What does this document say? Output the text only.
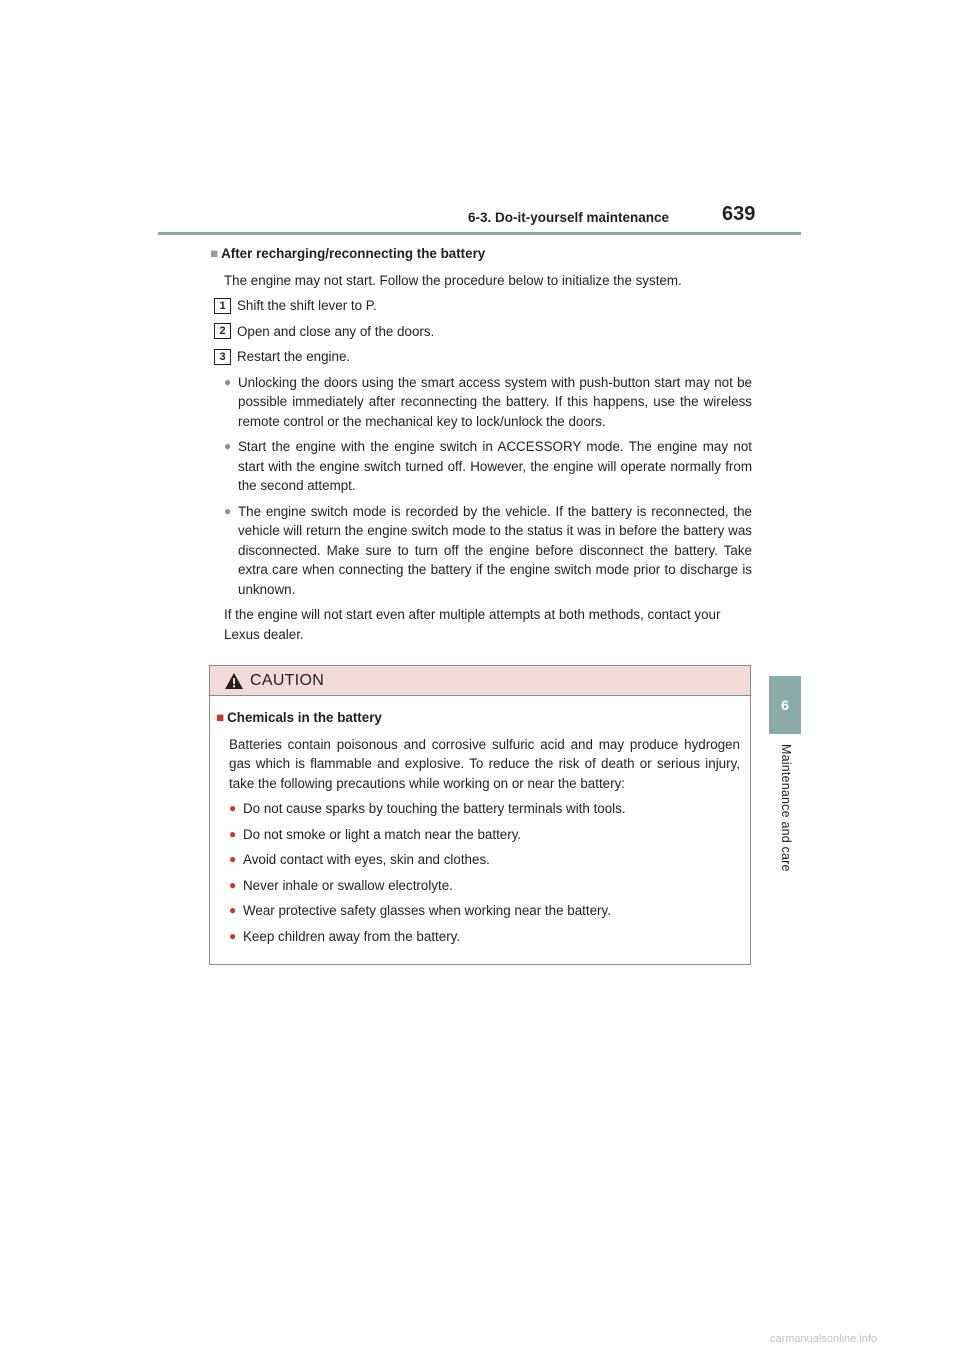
6-3. Do-it-yourself maintenance	639
6
Maintenance and care
■ After recharging/reconnecting the battery
The engine may not start. Follow the procedure below to initialize the system.
1 Shift the shift lever to P.
2 Open and close any of the doors.
3 Restart the engine.
● Unlocking the doors using the smart access system with push-button start may not be possible immediately after reconnecting the battery. If this happens, use the wireless remote control or the mechanical key to lock/unlock the doors.
● Start the engine with the engine switch in ACCESSORY mode. The engine may not start with the engine switch turned off. However, the engine will operate normally from the second attempt.
● The engine switch mode is recorded by the vehicle. If the battery is reconnected, the vehicle will return the engine switch mode to the status it was in before the battery was disconnected. Make sure to turn off the engine before disconnect the battery. Take extra care when connecting the battery if the engine switch mode prior to discharge is unknown.
If the engine will not start even after multiple attempts at both methods, contact your Lexus dealer.
CAUTION
■ Chemicals in the battery
Batteries contain poisonous and corrosive sulfuric acid and may produce hydrogen gas which is flammable and explosive. To reduce the risk of death or serious injury, take the following precautions while working on or near the battery:
● Do not cause sparks by touching the battery terminals with tools.
● Do not smoke or light a match near the battery.
● Avoid contact with eyes, skin and clothes.
● Never inhale or swallow electrolyte.
● Wear protective safety glasses when working near the battery.
● Keep children away from the battery.
carmanualsonline.info
